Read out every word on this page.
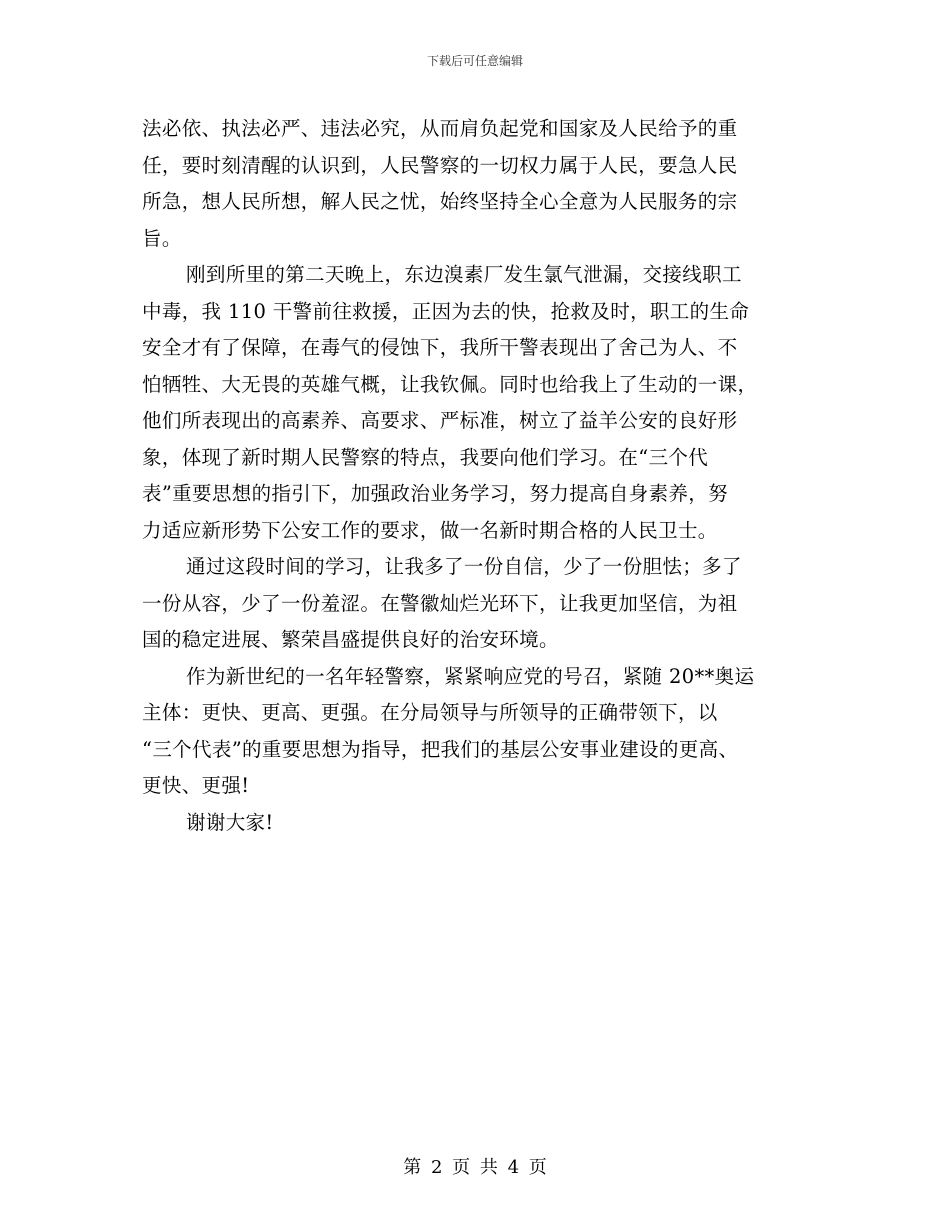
下载后可任意编辑
法必依、执法必严、违法必究，从而肩负起党和国家及人民给予的重
任，要时刻清醒的认识到，人民警察的一切权力属于人民，要急人民
所急，想人民所想，解人民之忧，始终坚持全心全意为人民服务的宗
旨。
刚到所里的第二天晚上，东边溴素厂发生氯气泄漏，交接线职工
中毒，我 110 干警前往救援，正因为去的快，抢救及时，职工的生命
安全才有了保障，在毒气的侵蚀下，我所干警表现出了舍己为人、不
怕牺牲、大无畏的英雄气概，让我钦佩。同时也给我上了生动的一课，
他们所表现出的高素养、高要求、严标准，树立了益羊公安的良好形
象，体现了新时期人民警察的特点，我要向他们学习。在“三个代
表”重要思想的指引下，加强政治业务学习，努力提高自身素养，努
力适应新形势下公安工作的要求，做一名新时期合格的人民卫士。
通过这段时间的学习，让我多了一份自信，少了一份胆怯；多了
一份从容，少了一份羞涩。在警徽灿烂光环下，让我更加坚信，为祖
国的稳定进展、繁荣昌盛提供良好的治安环境。
作为新世纪的一名年轻警察，紧紧响应党的号召，紧随 20**奥运
主体：更快、更高、更强。在分局领导与所领导的正确带领下，以
“三个代表”的重要思想为指导，把我们的基层公安事业建设的更高、
更快、更强!
谢谢大家!
第 2 页 共 4 页
